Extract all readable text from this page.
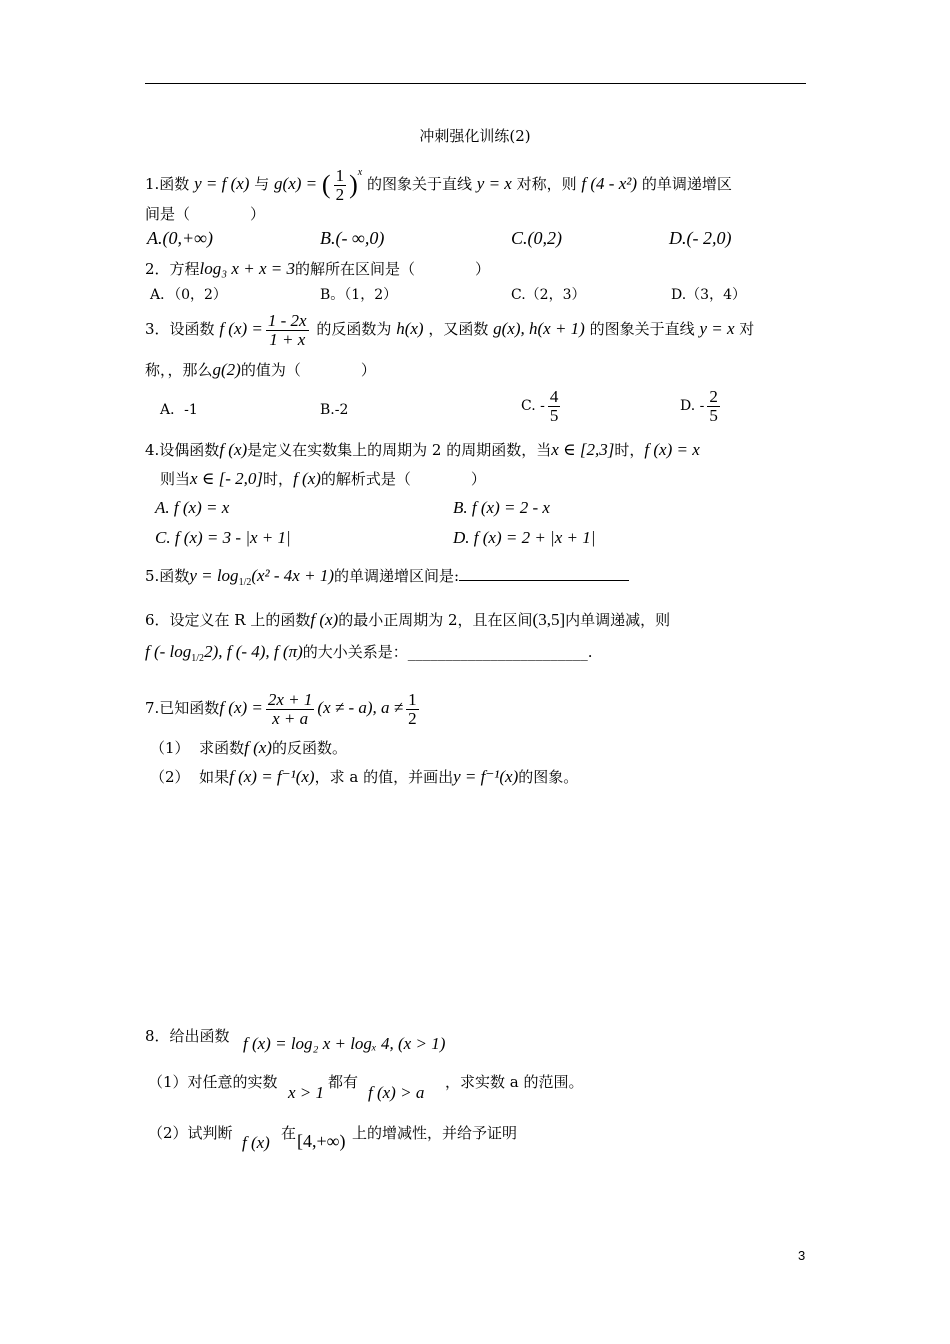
冲刺强化训练(2)
1.函数 y = f (x) 与 g(x) = ( $\frac{1}{2} )^x$ 的图象关于直线 y = x 对称，则 f (4 - x²) 的单调递增区
间是（　　　　）
A.(0,+∞)	B.(- ∞,0)	C.(0,2)	D.(- 2,0)
2．方程log₃ x + x = 3的解所在区间是（　　　　）
A．（0，2）	B。（1，2）	C.（2，3）	D.（3，4）
3．设函数 f $(x) = \frac{1 - 2x}{1 + x}$ 的反函数为 h(x) ，又函数 g(x), h(x + 1) 的图象关于直线 y = x 对
称，，那么g(2)的值为（　　　　）
A．-1	B.-2	C. - $\frac{4}{5}$	D. - $\frac{2}{5}$
4.设偶函数f (x)是定义在实数集上的周期为 2 的周期函数，当x ∈ [2,3]时，f (x) = x
则当x ∈ [- 2,0]时，f (x)的解析式是（　　　　）
A. f (x) = x	B. f (x) = 2 - x
C. f (x) = 3 - |x + 1|	D. f (x) = 2 + |x + 1|
5.函数$y = \log_{1/2}(x^2 - 4x + 1)$的单调递增区间是:
6．设定义在 R 上的函数f (x)的最小正周期为 2，且在区间(3,5]内单调递减，则
f (- $\log_{1/2}2$), f (- 4), f (π)的大小关系是：________________________.
7.已知函数f $(x) = \frac{2x + 1}{x + a} (x$ ≠ - a), $a \ne \frac{1}{2}$
（1） 求函数f (x)的反函数。
（2） 如果f (x) = f⁻¹(x)，求 a 的值，并画出y = f⁻¹(x)的图象。
8．给出函数 f (x) = log₂ x + logₓ 4, (x > 1)
（1）对任意的实数
x > 1
都有
f (x) > a
，求实数 a 的范围。
（2）试判断 f (x) 在 [4,+∞) 上的增减性，并给予证明
3
